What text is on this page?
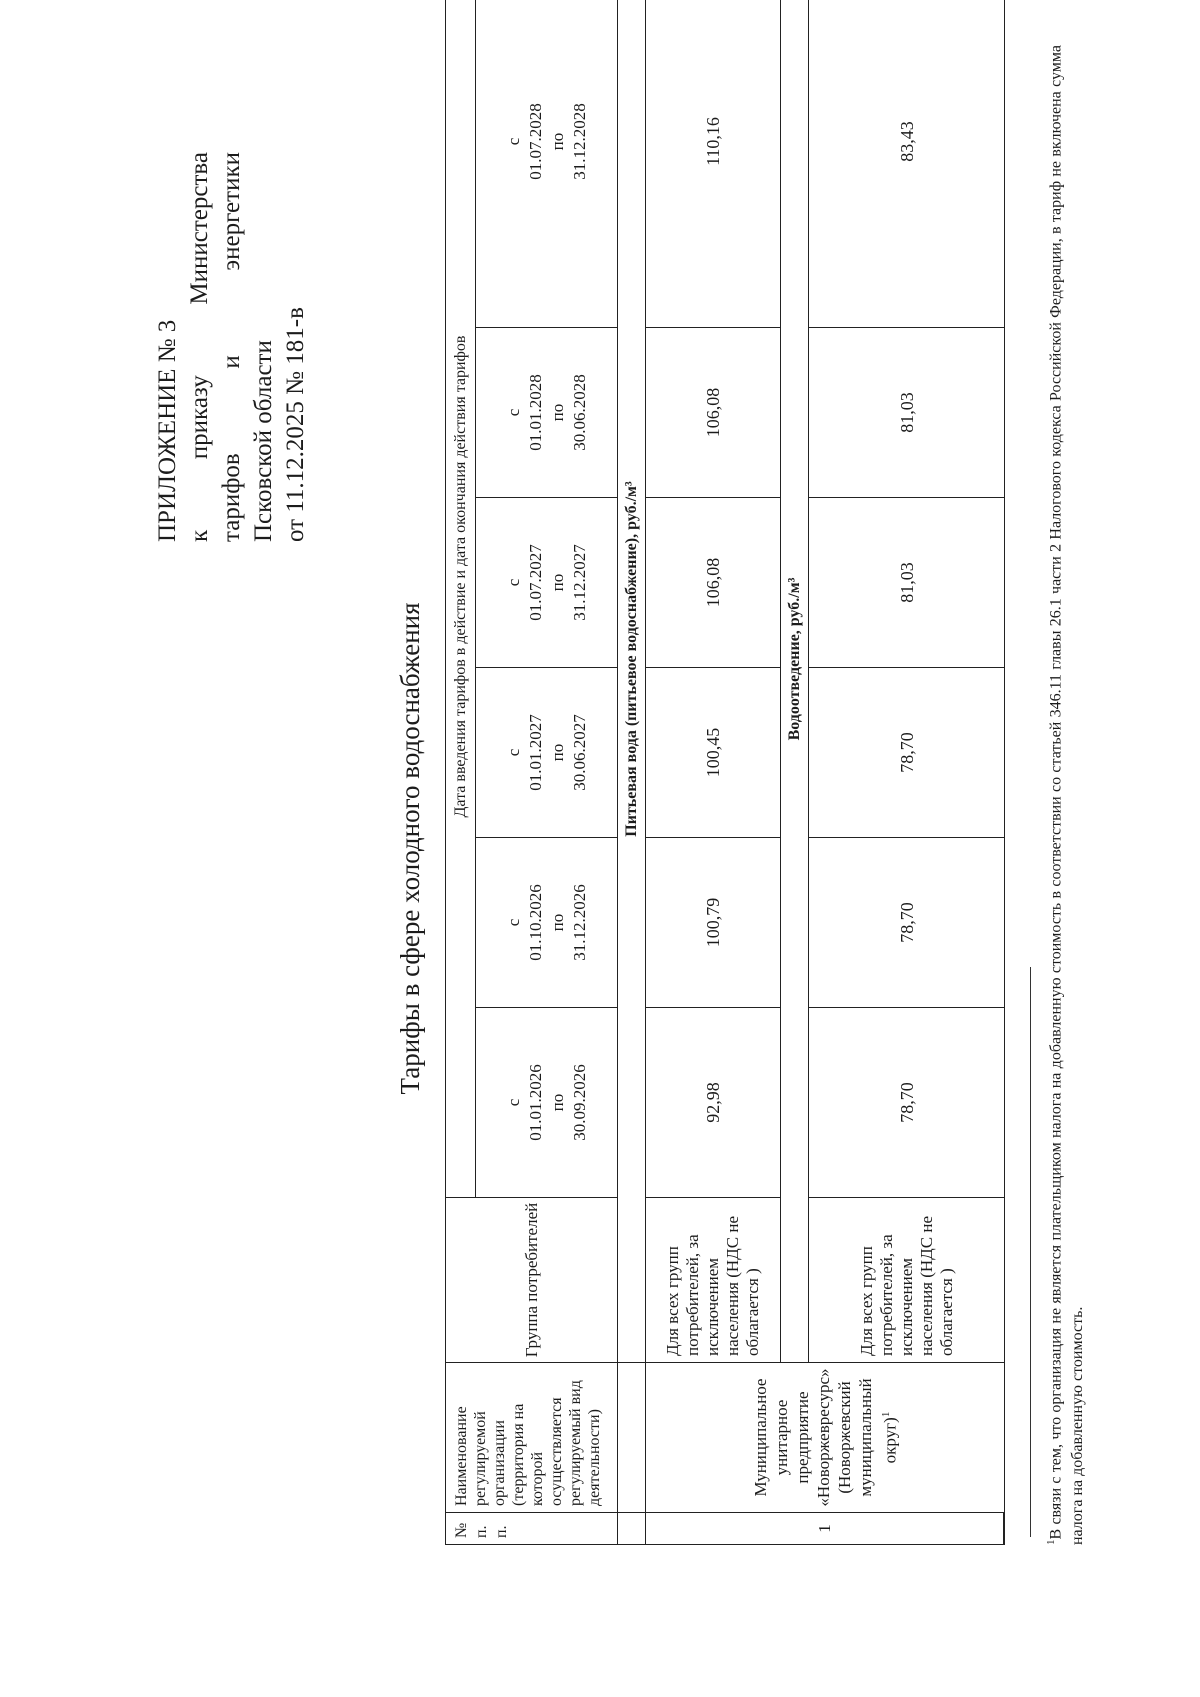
ПРИЛОЖЕНИЕ № 3 к
приказу
Министерства
тарифов
и
энергетики
Псковской области от 11.12.2025 № 181-в
Тарифы в сфере холодного водоснабжения
№ п. п.
Наименование регулируемой организации (территория на которой осуществляется регулируемый вид деятельности)
Группа потребителей
Дата введения тарифов в действие и дата окончания действия тарифов
с 01.01.2026 по 30.09.2026
с 01.10.2026 по 31.12.2026
с 01.01.2027 по 30.06.2027
с 01.07.2027 по 31.12.2027
с 01.01.2028 по 30.06.2028
с 01.07.2028 по 31.12.2028
Питьевая вода (питьевое водоснабжение), руб./м³
1
Муниципальное унитарное предприятие «Новоржевресурс» (Новоржевский муниципальный округ)$^1$
Для всех групп потребителей, за исключением населения (НДС не облагается )
92,98
100,79
100,45
106,08
106,08
110,16
Водоотведение, руб./м³
Для всех групп потребителей, за исключением населения (НДС не облагается )
78,70
78,70
78,70
81,03
81,03
83,43
$^1$В связи с тем, что организация не является плательщиком налога на добавленную стоимость в соответствии со статьей 346.11 главы 26.1 части 2 Налогового кодекса Российской Федерации, в тариф не включена сумма налога на добавленную стоимость.
